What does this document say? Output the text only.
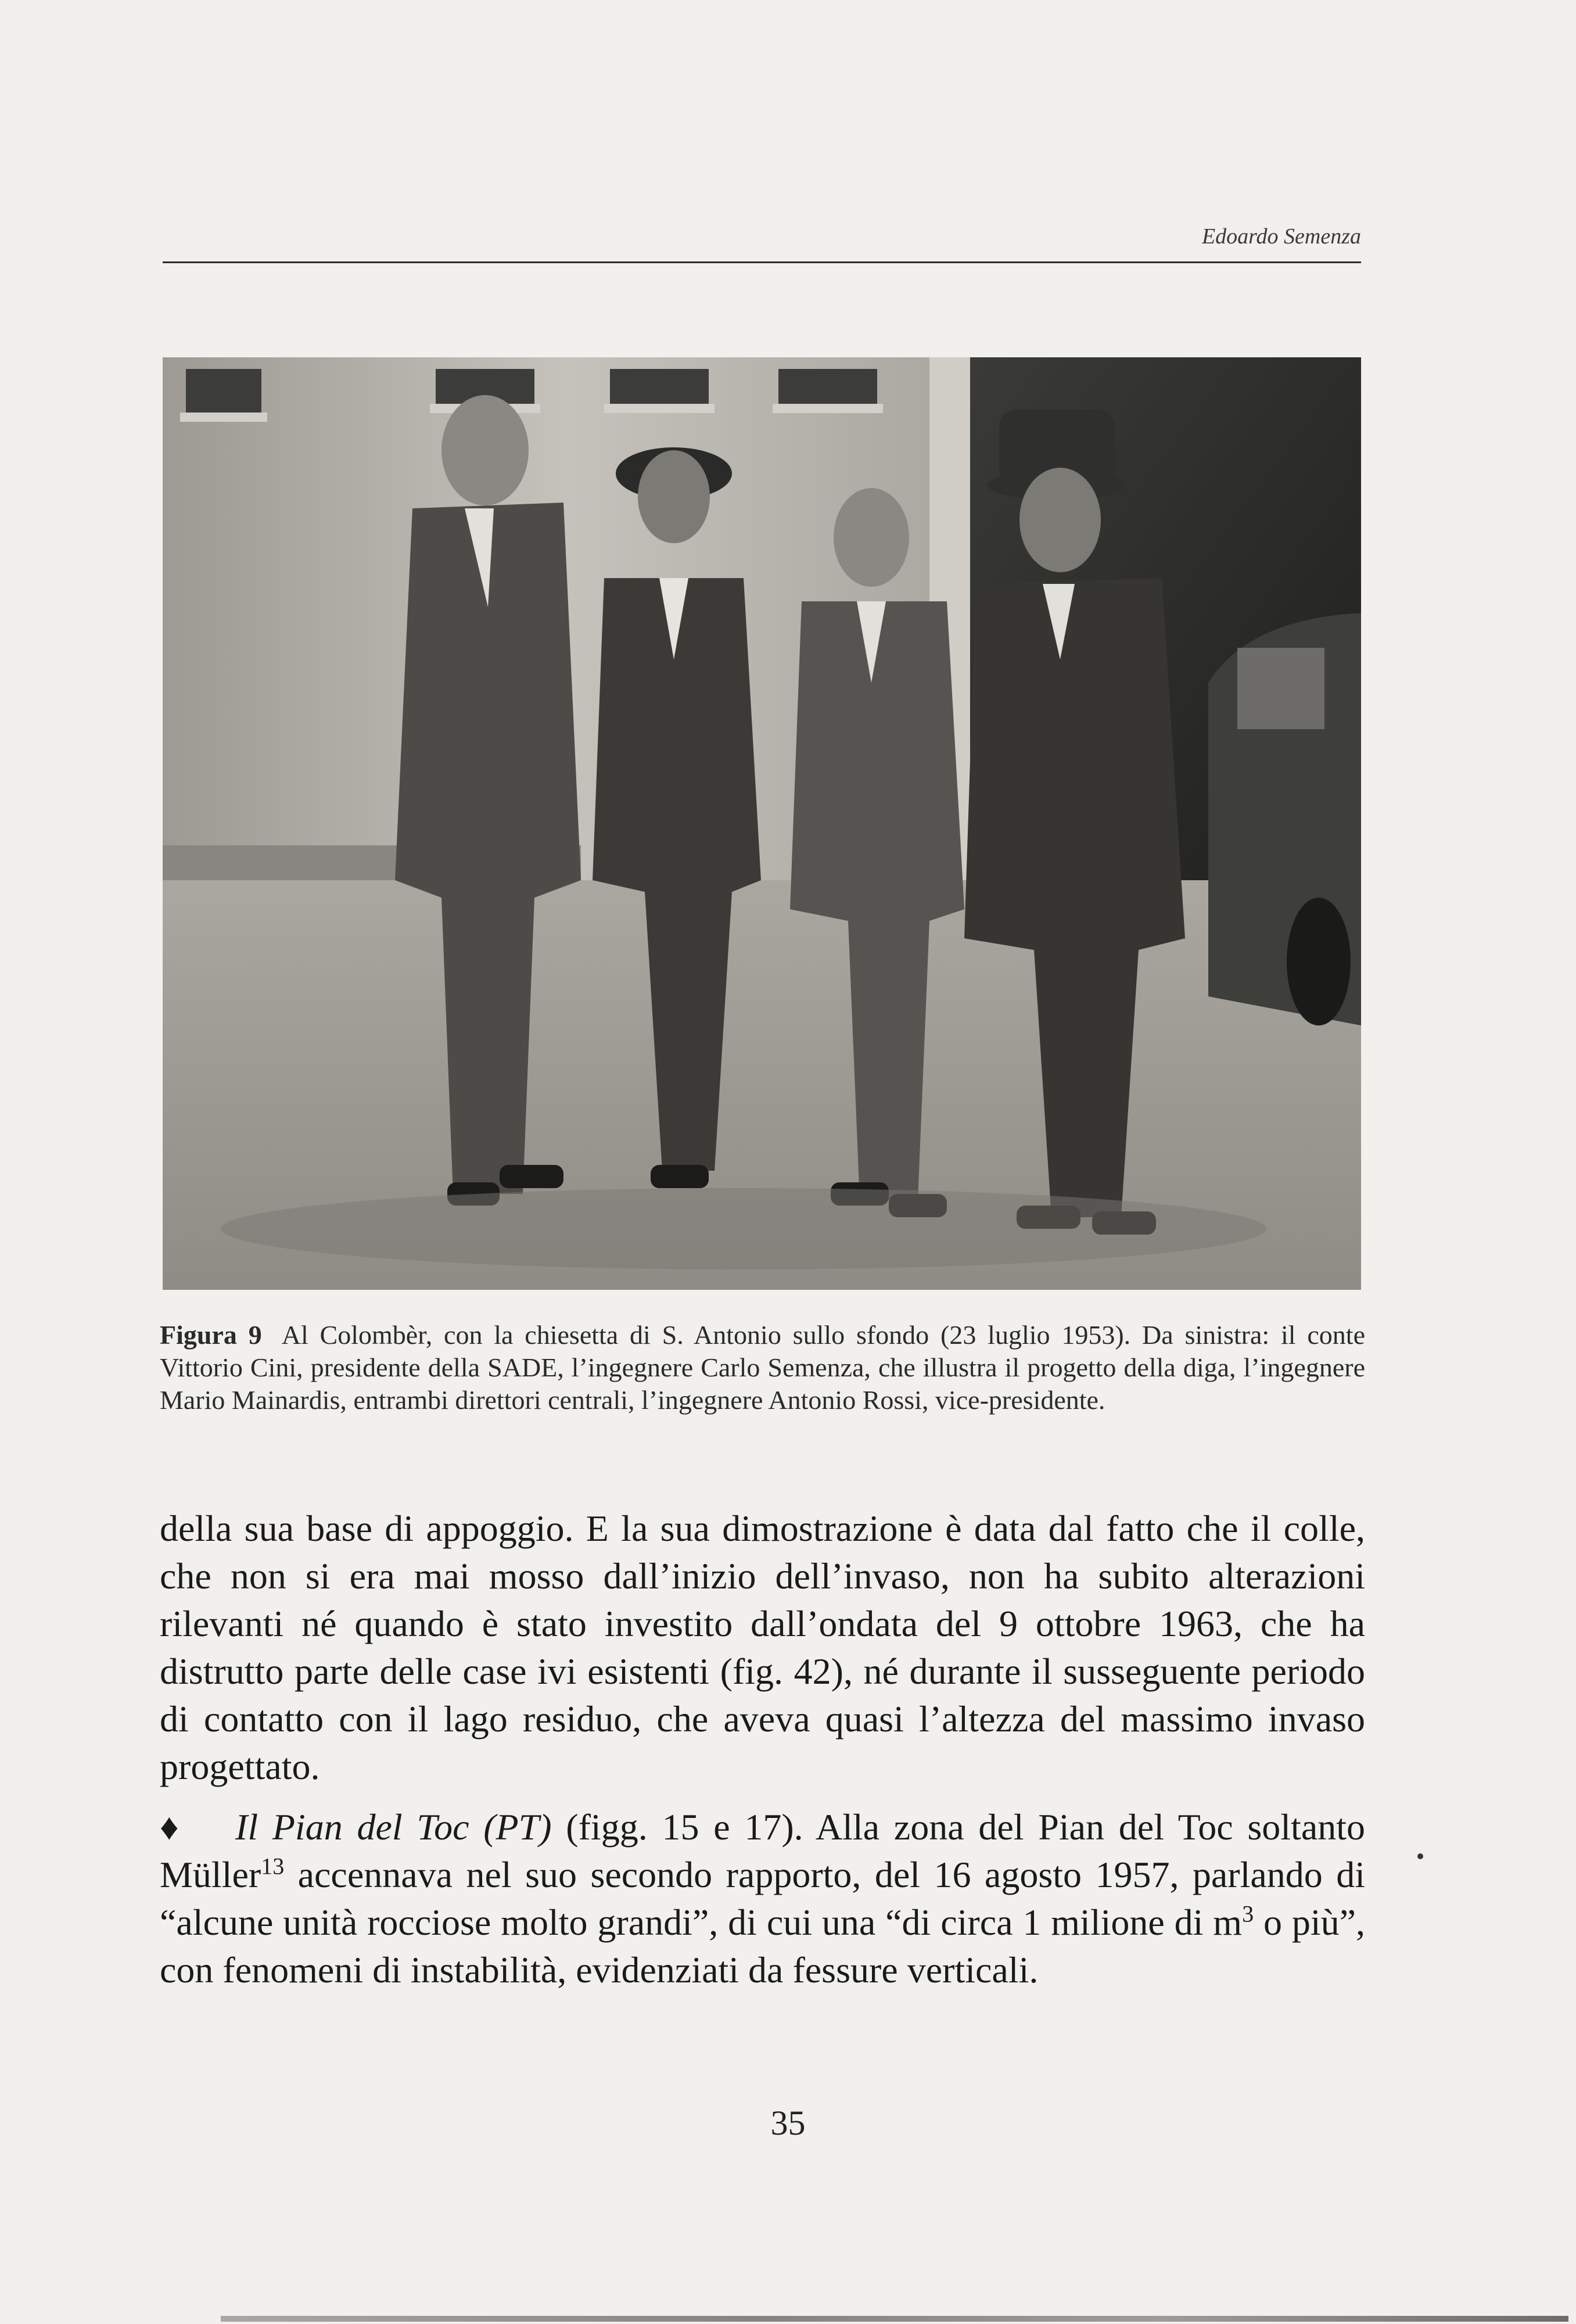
Edoardo Semenza
Figura 9 Al Colombèr, con la chiesetta di S. Antonio sullo sfondo (23 luglio 1953). Da sinistra: il conte Vittorio Cini, presidente della SADE, l’ingegnere Carlo Semenza, che illustra il progetto della diga, l’ingegnere Mario Mainardis, entrambi direttori centrali, l’ingegnere Antonio Rossi, vice-presidente.

della sua base di appoggio. E la sua dimostrazione è data dal fatto che il colle, che non si era mai mosso dall’inizio dell’invaso, non ha subito alterazioni rilevanti né quando è stato investito dall’ondata del 9 ottobre 1963, che ha distrutto parte delle case ivi esistenti (fig. 42), né durante il susseguente periodo di contatto con il lago residuo, che aveva quasi l’altezza del massimo invaso progettato.

♦ Il Pian del Toc (PT) (figg. 15 e 17). Alla zona del Pian del Toc soltanto Müller$^{13}$ accennava nel suo secondo rapporto, del 16 agosto 1957, parlando di “alcune unità rocciose molto grandi”, di cui una “di circa 1 milione di $m^3$ o più”, con fenomeni di instabilità, evidenziati da fessure verticali.

35
